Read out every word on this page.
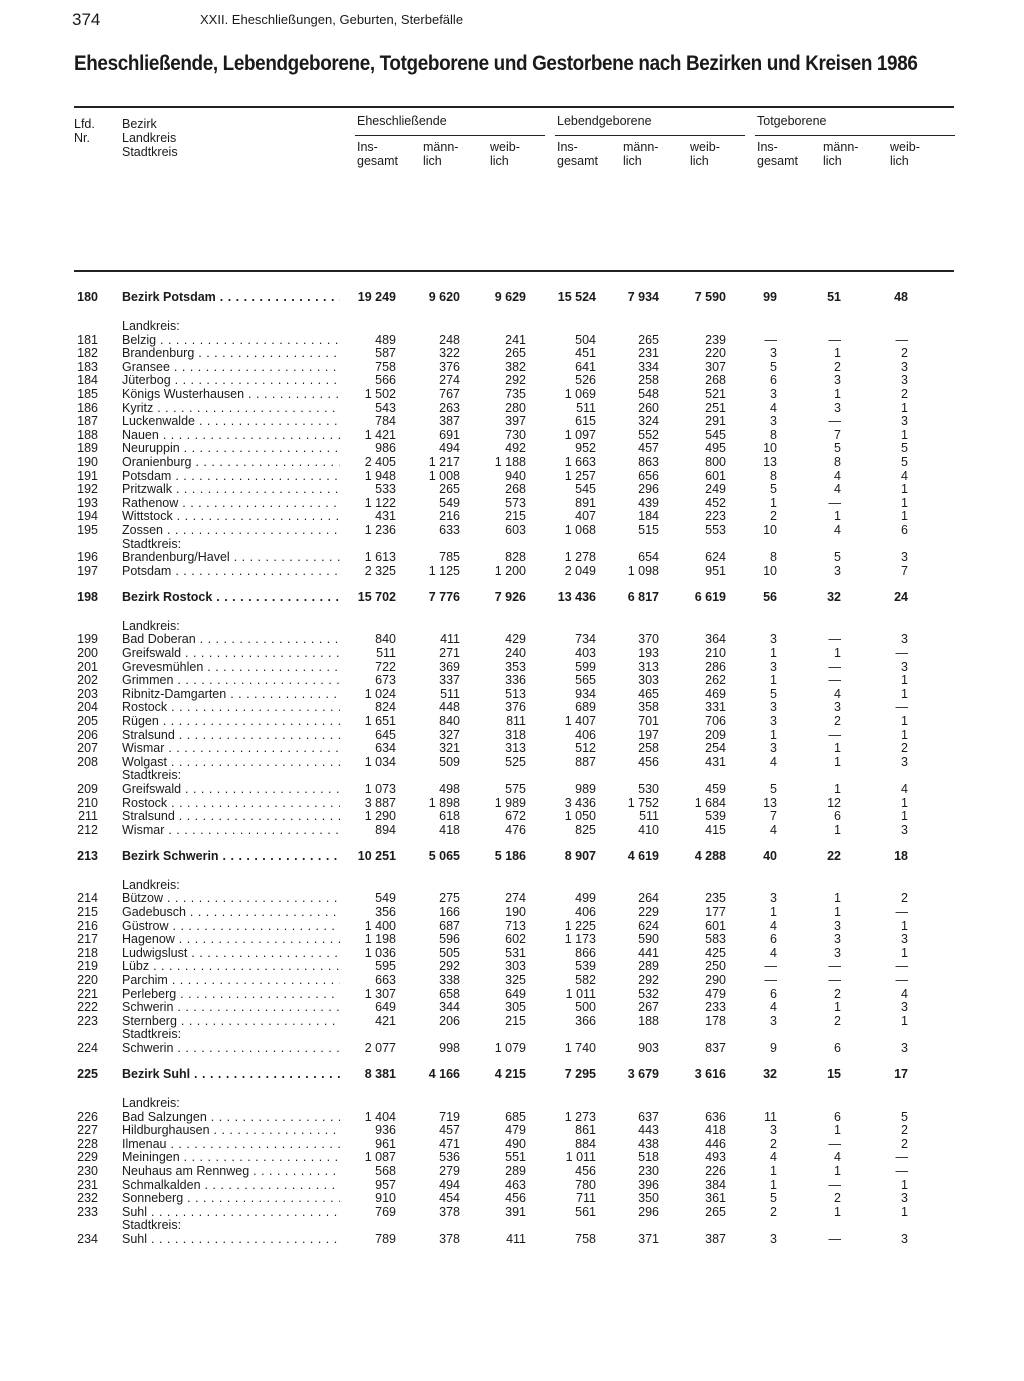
374	XXII. Eheschließungen, Geburten, Sterbefälle
Eheschließende, Lebendgeborene, Totgeborene und Gestorbene nach Bezirken und Kreisen 1986
Lfd.
Nr.
Bezirk
Landkreis
Stadtkreis
Eheschließende	Lebendgeborene	Totgeborene
Ins-
gesamt
männ-
lich
weib-
lich
Ins-
gesamt
männ-
lich
weib-
lich
Ins-
gesamt
männ-
lich
weib-
lich
180 Bezirk Potsdam . . .	19 249	9 620	9 629	15 524	7 934	7 590	99	51	48
Landkreis:
181 Belzig . . .	489	248	241	504	265	239	—	—	—
182 Brandenburg . . .	587	322	265	451	231	220	3	1	2
183 Gransee . . .	758	376	382	641	334	307	5	2	3
184 Jüterbog . . .	566	274	292	526	258	268	6	3	3
185 Königs Wusterhausen . . .	1 502	767	735	1 069	548	521	3	1	2
186 Kyritz . . .	543	263	280	511	260	251	4	3	1
187 Luckenwalde . . .	784	387	397	615	324	291	3	—	3
188 Nauen . . .	1 421	691	730	1 097	552	545	8	7	1
189 Neuruppin . . .	986	494	492	952	457	495	10	5	5
190 Oranienburg . . .	2 405	1 217	1 188	1 663	863	800	13	8	5
191 Potsdam . . .	1 948	1 008	940	1 257	656	601	8	4	4
192 Pritzwalk . . .	533	265	268	545	296	249	5	4	1
193 Rathenow . . .	1 122	549	573	891	439	452	1	—	1
194 Wittstock . . .	431	216	215	407	184	223	2	1	1
195 Zossen . . .	1 236	633	603	1 068	515	553	10	4	6
Stadtkreis:
196 Brandenburg/Havel . . .	1 613	785	828	1 278	654	624	8	5	3
197 Potsdam . . .	2 325	1 125	1 200	2 049	1 098	951	10	3	7
198 Bezirk Rostock . . .	15 702	7 776	7 926	13 436	6 817	6 619	56	32	24
Landkreis:
199 Bad Doberan . . .	840	411	429	734	370	364	3	—	3
200 Greifswald . . .	511	271	240	403	193	210	1	1	—
201 Grevesmühlen . . .	722	369	353	599	313	286	3	—	3
202 Grimmen . . .	673	337	336	565	303	262	1	—	1
203 Ribnitz-Damgarten . . .	1 024	511	513	934	465	469	5	4	1
204 Rostock . . .	824	448	376	689	358	331	3	3	—
205 Rügen . . .	1 651	840	811	1 407	701	706	3	2	1
206 Stralsund . . .	645	327	318	406	197	209	1	—	1
207 Wismar . . .	634	321	313	512	258	254	3	1	2
208 Wolgast . . .	1 034	509	525	887	456	431	4	1	3
Stadtkreis:
209 Greifswald . . .	1 073	498	575	989	530	459	5	1	4
210 Rostock . . .	3 887	1 898	1 989	3 436	1 752	1 684	13	12	1
211 Stralsund . . .	1 290	618	672	1 050	511	539	7	6	1
212 Wismar . . .	894	418	476	825	410	415	4	1	3
213 Bezirk Schwerin . . .	10 251	5 065	5 186	8 907	4 619	4 288	40	22	18
Landkreis:
214 Bützow . . .	549	275	274	499	264	235	3	1	2
215 Gadebusch . . .	356	166	190	406	229	177	1	1	—
216 Güstrow . . .	1 400	687	713	1 225	624	601	4	3	1
217 Hagenow . . .	1 198	596	602	1 173	590	583	6	3	3
218 Ludwigslust . . .	1 036	505	531	866	441	425	4	3	1
219 Lübz . . .	595	292	303	539	289	250	—	—	—
220 Parchim . . .	663	338	325	582	292	290	—	—	—
221 Perleberg . . .	1 307	658	649	1 011	532	479	6	2	4
222 Schwerin . . .	649	344	305	500	267	233	4	1	3
223 Sternberg . . .	421	206	215	366	188	178	3	2	1
Stadtkreis:
224 Schwerin . . .	2 077	998	1 079	1 740	903	837	9	6	3
225 Bezirk Suhl . . .	8 381	4 166	4 215	7 295	3 679	3 616	32	15	17
Landkreis:
226 Bad Salzungen . . .	1 404	719	685	1 273	637	636	11	6	5
227 Hildburghausen . . .	936	457	479	861	443	418	3	1	2
228 Ilmenau . . .	961	471	490	884	438	446	2	—	2
229 Meiningen . . .	1 087	536	551	1 011	518	493	4	4	—
230 Neuhaus am Rennweg . . .	568	279	289	456	230	226	1	1	—
231 Schmalkalden . . .	957	494	463	780	396	384	1	—	1
232 Sonneberg . . .	910	454	456	711	350	361	5	2	3
233 Suhl . . .	769	378	391	561	296	265	2	1	1
Stadtkreis:
234 Suhl . . .	789	378	411	758	371	387	3	—	3
